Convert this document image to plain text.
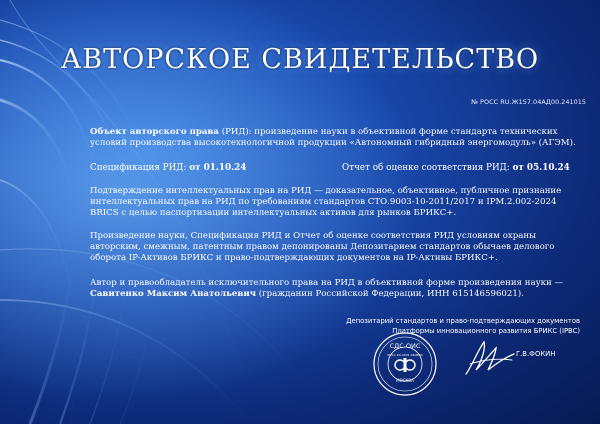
АВТОРСКОЕ СВИДЕТЕЛЬСТВО
№ РОСС RU.Ж157.04АД00.241015
Объект авторского права (РИД): произведение науки в объективной форме стандарта технических условий производства высокотехнологичной продукции «Автономный гибридный энергомодуль» (АГЭМ).
Спецификация РИД: от 01.10.24	Отчет об оценке соответствия РИД: от 05.10.24
Подтверждение интеллектуальных прав на РИД — доказательное, объективное, публичное признание интеллектуальных прав на РИД по требованиям стандартов СТО.9003-10-2011/2017 и IPM.2.002-2024 BRICS с целью паспортизации интеллектуальных активов для рынков БРИКС+.
Произведение науки, Спецификация РИД и Отчет об оценке соответствия РИД условиям охраны авторским, смежным, патентным правом депонированы Депозитарием стандартов обычаев делового оборота IP-Активов БРИКС и право-подтверждающих документов на IP-Активы БРИКС+.
Автор и правообладатель исключительного права на РИД в объективной форме произведения науки —
Савитенко Максим Анатольевич (гражданин Российской Федерации, ИНН 615146596021).
Депозитарий стандартов и право-подтверждающих документов
Платформы инновационного развития БРИКС (IPBC)
СДС ОИС
РОСС RU.0001.04ИБ00
МОСКВА
Г.В.ФОКИН
